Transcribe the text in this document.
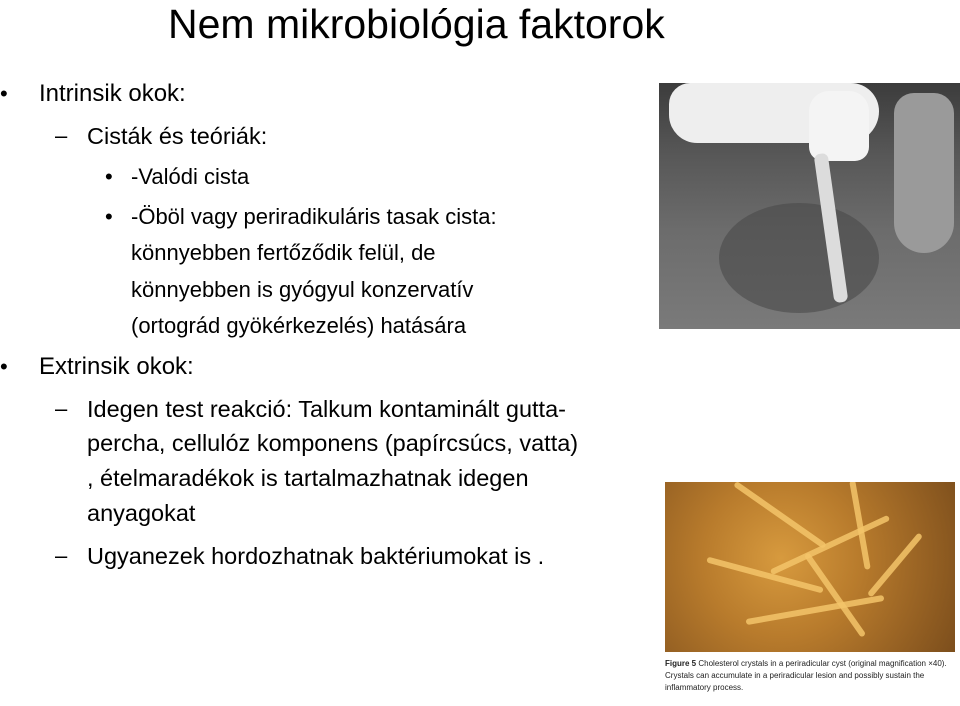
Nem mikrobiológia faktorok
• Intrinsik okok:
– Cisták és teóriák:
• -Valódi cista
• -Öböl vagy periradikuláris tasak cista:
könnyebben fertőződik felül, de
könnyebben is gyógyul konzervatív
(ortográd gyökérkezelés) hatására
• Extrinsik okok:
– Idegen test reakció: Talkum kontaminált gutta-
percha, cellulóz komponens (papírcsúcs, vatta)
, ételmaradékok is tartalmazhatnak idegen
anyagokat
– Ugyanezek hordozhatnak baktériumokat is .
Figure 5 Cholesterol crystals in a periradicular cyst (original magnification ×40). Crystals can accumulate in a periradicular lesion and possibly sustain the inflammatory process.
